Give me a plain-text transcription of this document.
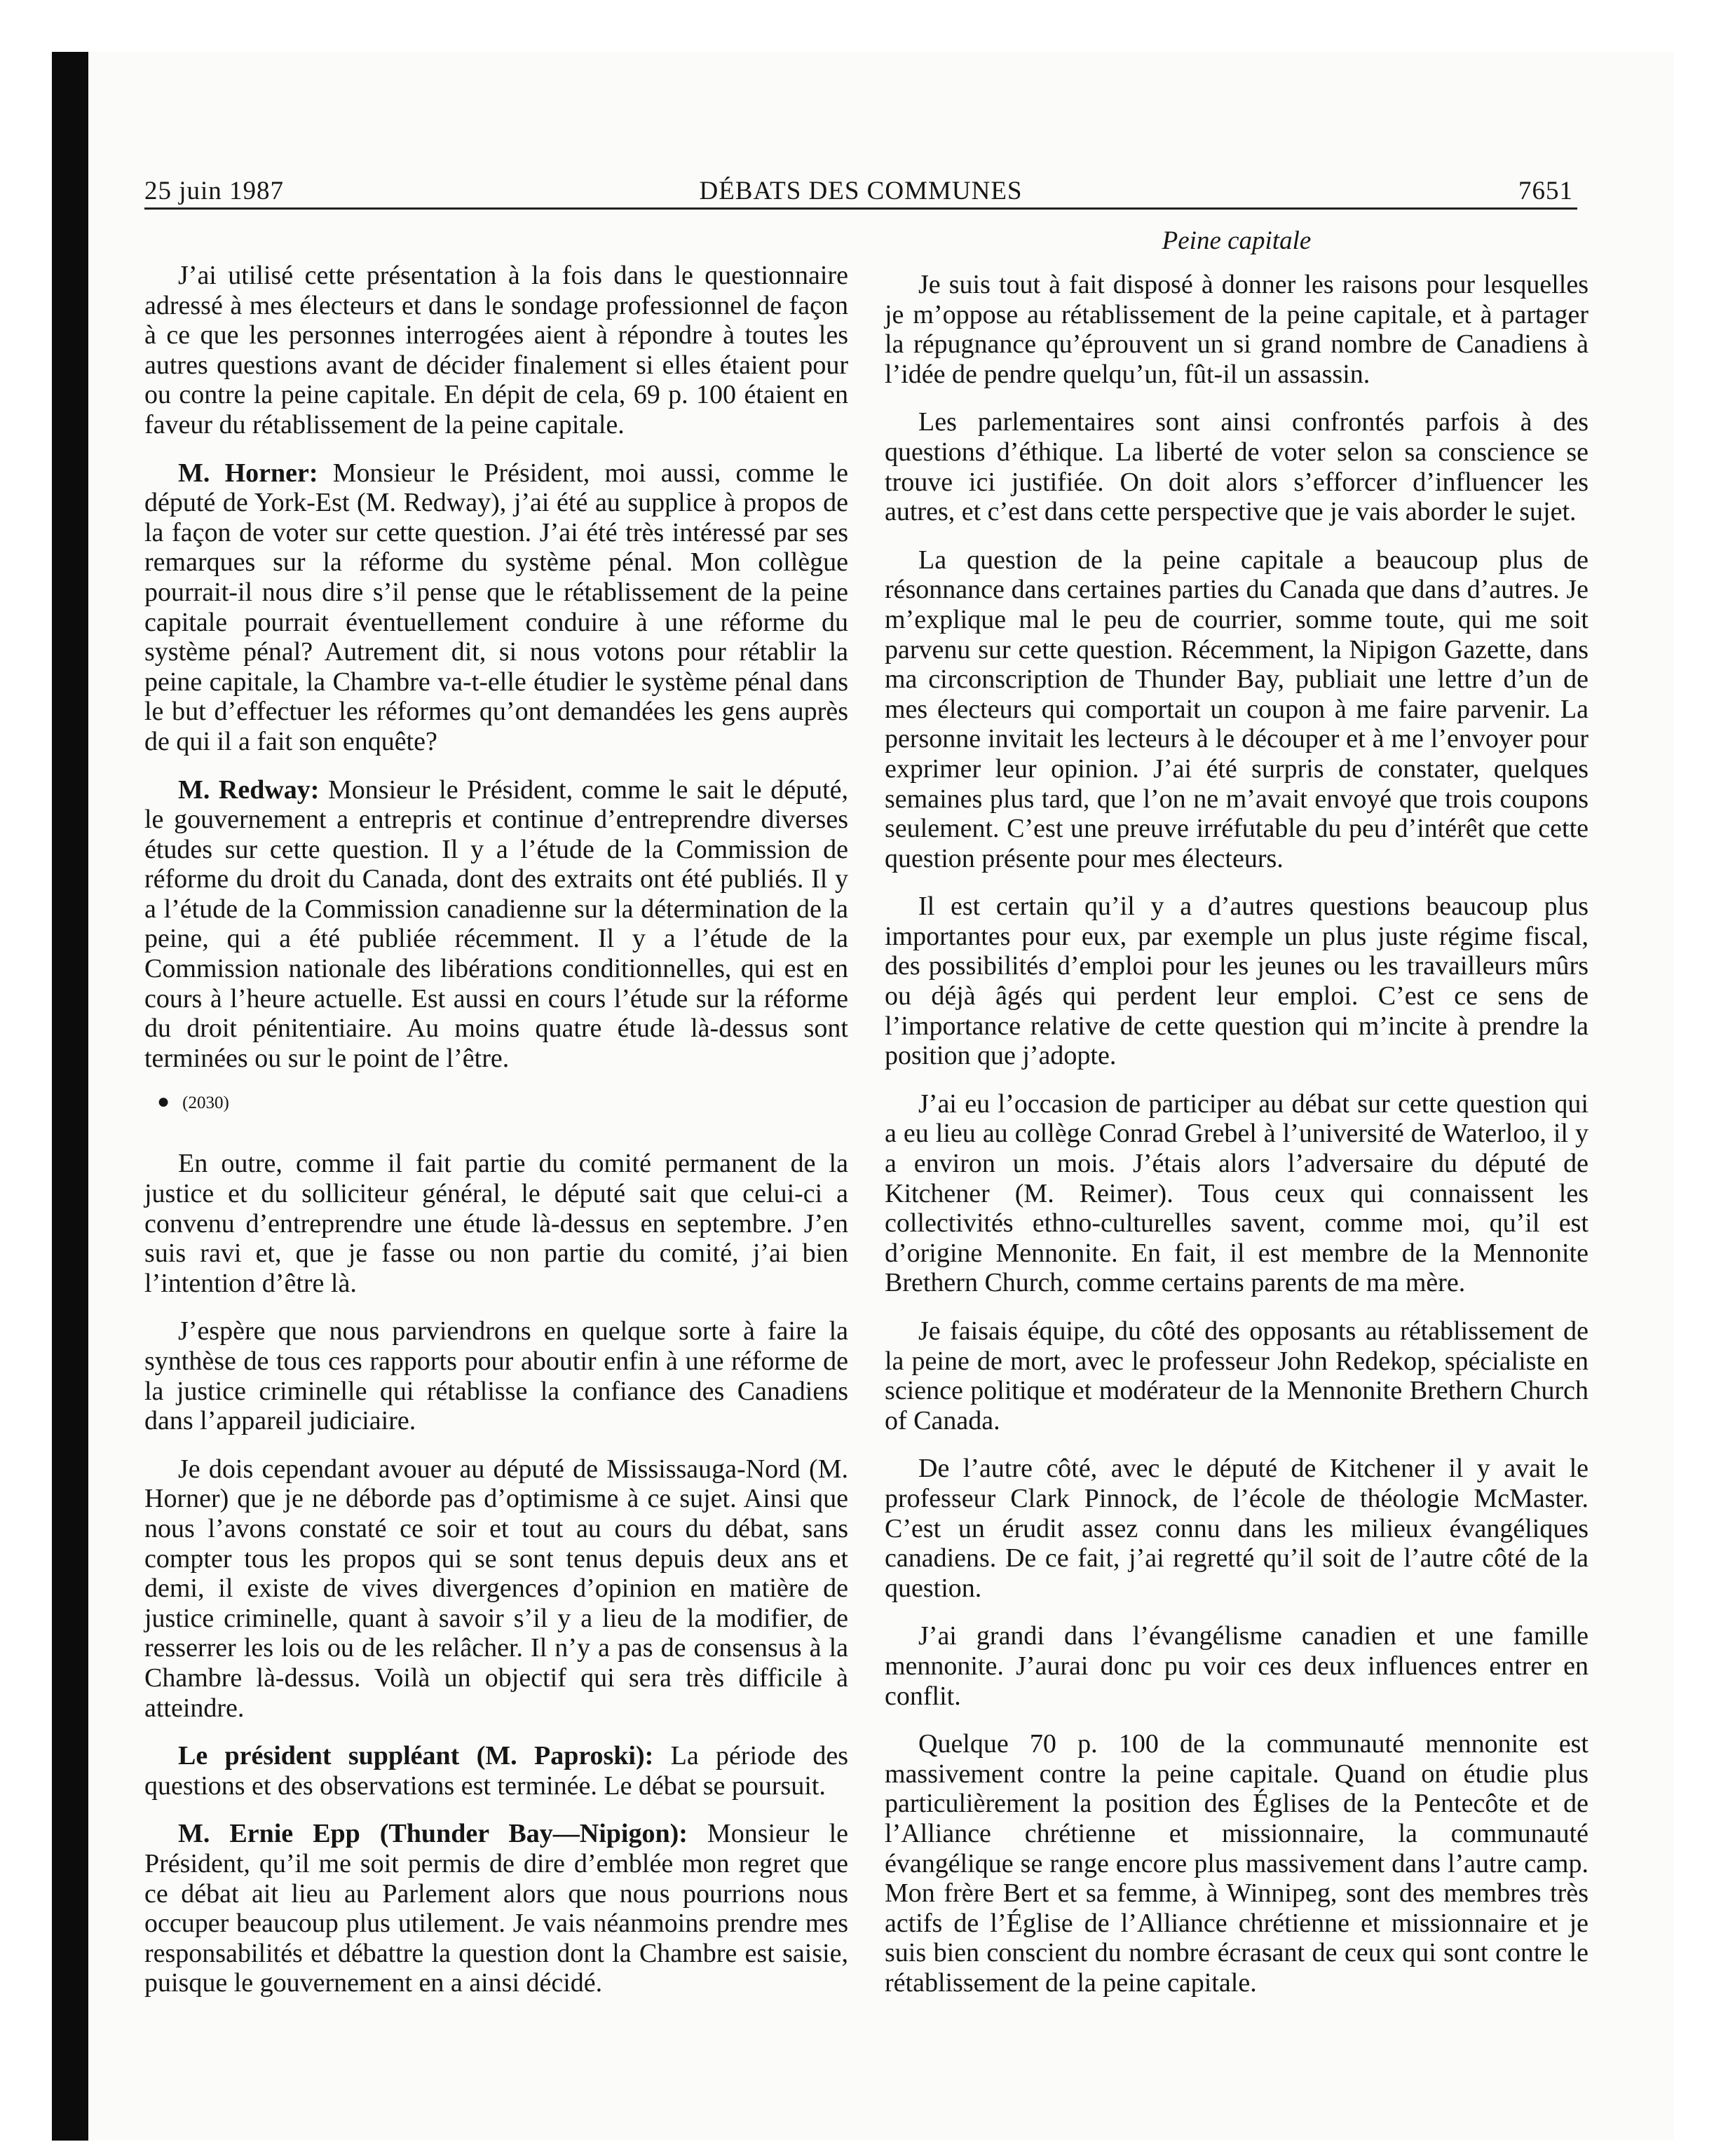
25 juin 1987	DÉBATS DES COMMUNES	7651

J’ai utilisé cette présentation à la fois dans le questionnaire adressé à mes électeurs et dans le sondage professionnel de façon à ce que les personnes interrogées aient à répondre à toutes les autres questions avant de décider finalement si elles étaient pour ou contre la peine capitale. En dépit de cela, 69 p. 100 étaient en faveur du rétablissement de la peine capitale.

M. Horner: Monsieur le Président, moi aussi, comme le député de York-Est (M. Redway), j’ai été au supplice à propos de la façon de voter sur cette question. J’ai été très intéressé par ses remarques sur la réforme du système pénal. Mon collègue pourrait-il nous dire s’il pense que le rétablissement de la peine capitale pourrait éventuellement conduire à une réforme du système pénal? Autrement dit, si nous votons pour rétablir la peine capitale, la Chambre va-t-elle étudier le système pénal dans le but d’effectuer les réformes qu’ont demandées les gens auprès de qui il a fait son enquête?

M. Redway: Monsieur le Président, comme le sait le député, le gouvernement a entrepris et continue d’entreprendre diverses études sur cette question. Il y a l’étude de la Commission de réforme du droit du Canada, dont des extraits ont été publiés. Il y a l’étude de la Commission canadienne sur la détermination de la peine, qui a été publiée récemment. Il y a l’étude de la Commission nationale des libérations conditionnelles, qui est en cours à l’heure actuelle. Est aussi en cours l’étude sur la réforme du droit pénitentiaire. Au moins quatre étude là-dessus sont terminées ou sur le point de l’être.

● (2030)

En outre, comme il fait partie du comité permanent de la justice et du solliciteur général, le député sait que celui-ci a convenu d’entreprendre une étude là-dessus en septembre. J’en suis ravi et, que je fasse ou non partie du comité, j’ai bien l’intention d’être là.

J’espère que nous parviendrons en quelque sorte à faire la synthèse de tous ces rapports pour aboutir enfin à une réforme de la justice criminelle qui rétablisse la confiance des Canadiens dans l’appareil judiciaire.

Je dois cependant avouer au député de Mississauga-Nord (M. Horner) que je ne déborde pas d’optimisme à ce sujet. Ainsi que nous l’avons constaté ce soir et tout au cours du débat, sans compter tous les propos qui se sont tenus depuis deux ans et demi, il existe de vives divergences d’opinion en matière de justice criminelle, quant à savoir s’il y a lieu de la modifier, de resserrer les lois ou de les relâcher. Il n’y a pas de consensus à la Chambre là-dessus. Voilà un objectif qui sera très difficile à atteindre.

Le président suppléant (M. Paproski): La période des questions et des observations est terminée. Le débat se poursuit.

M. Ernie Epp (Thunder Bay—Nipigon): Monsieur le Président, qu’il me soit permis de dire d’emblée mon regret que ce débat ait lieu au Parlement alors que nous pourrions nous occuper beaucoup plus utilement. Je vais néanmoins prendre mes responsabilités et débattre la question dont la Chambre est saisie, puisque le gouvernement en a ainsi décidé.

Peine capitale

Je suis tout à fait disposé à donner les raisons pour lesquelles je m’oppose au rétablissement de la peine capitale, et à partager la répugnance qu’éprouvent un si grand nombre de Canadiens à l’idée de pendre quelqu’un, fût-il un assassin.

Les parlementaires sont ainsi confrontés parfois à des questions d’éthique. La liberté de voter selon sa conscience se trouve ici justifiée. On doit alors s’efforcer d’influencer les autres, et c’est dans cette perspective que je vais aborder le sujet.

La question de la peine capitale a beaucoup plus de résonnance dans certaines parties du Canada que dans d’autres. Je m’explique mal le peu de courrier, somme toute, qui me soit parvenu sur cette question. Récemment, la Nipigon Gazette, dans ma circonscription de Thunder Bay, publiait une lettre d’un de mes électeurs qui comportait un coupon à me faire parvenir. La personne invitait les lecteurs à le découper et à me l’envoyer pour exprimer leur opinion. J’ai été surpris de constater, quelques semaines plus tard, que l’on ne m’avait envoyé que trois coupons seulement. C’est une preuve irréfutable du peu d’intérêt que cette question présente pour mes électeurs.

Il est certain qu’il y a d’autres questions beaucoup plus importantes pour eux, par exemple un plus juste régime fiscal, des possibilités d’emploi pour les jeunes ou les travailleurs mûrs ou déjà âgés qui perdent leur emploi. C’est ce sens de l’importance relative de cette question qui m’incite à prendre la position que j’adopte.

J’ai eu l’occasion de participer au débat sur cette question qui a eu lieu au collège Conrad Grebel à l’université de Waterloo, il y a environ un mois. J’étais alors l’adversaire du député de Kitchener (M. Reimer). Tous ceux qui connaissent les collectivités ethno-culturelles savent, comme moi, qu’il est d’origine Mennonite. En fait, il est membre de la Mennonite Brethern Church, comme certains parents de ma mère.

Je faisais équipe, du côté des opposants au rétablissement de la peine de mort, avec le professeur John Redekop, spécialiste en science politique et modérateur de la Mennonite Brethern Church of Canada.

De l’autre côté, avec le député de Kitchener il y avait le professeur Clark Pinnock, de l’école de théologie McMaster. C’est un érudit assez connu dans les milieux évangéliques canadiens. De ce fait, j’ai regretté qu’il soit de l’autre côté de la question.

J’ai grandi dans l’évangélisme canadien et une famille mennonite. J’aurai donc pu voir ces deux influences entrer en conflit.

Quelque 70 p. 100 de la communauté mennonite est massivement contre la peine capitale. Quand on étudie plus particulièrement la position des Églises de la Pentecôte et de l’Alliance chrétienne et missionnaire, la communauté évangélique se range encore plus massivement dans l’autre camp. Mon frère Bert et sa femme, à Winnipeg, sont des membres très actifs de l’Église de l’Alliance chrétienne et missionnaire et je suis bien conscient du nombre écrasant de ceux qui sont contre le rétablissement de la peine capitale.
